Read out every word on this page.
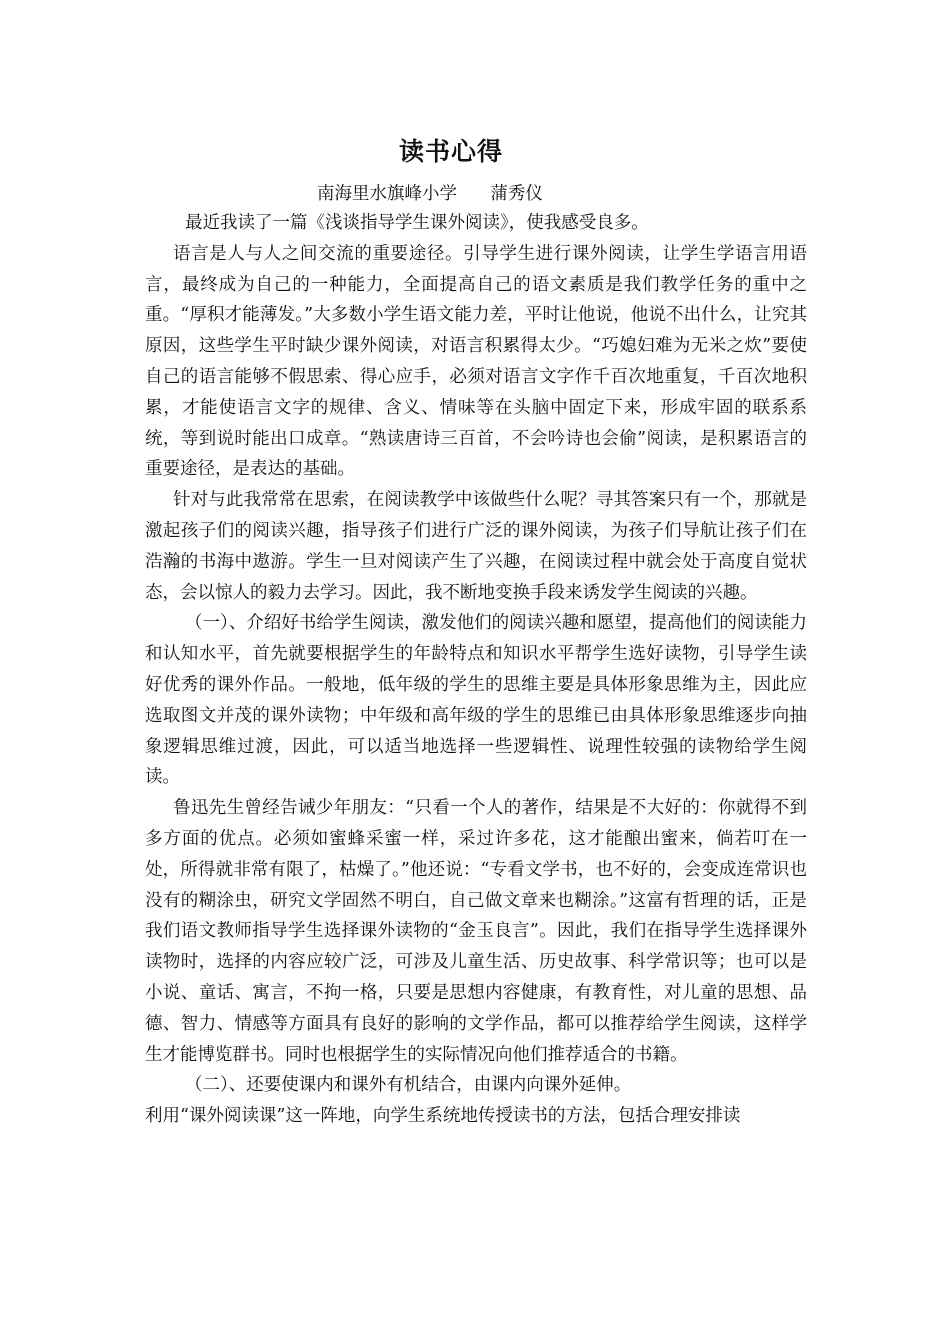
读书心得
南海里水旗峰小学      蒲秀仪

最近我读了一篇《浅谈指导学生课外阅读》，使我感受良多。

语言是人与人之间交流的重要途径。引导学生进行课外阅读，让学生学语言用语言，最终成为自己的一种能力，全面提高自己的语文素质是我们教学任务的重中之重。“厚积才能薄发。”大多数小学生语文能力差，平时让他说，他说不出什么，让究其原因，这些学生平时缺少课外阅读，对语言积累得太少。“巧媳妇难为无米之炊”要使自己的语言能够不假思索、得心应手，必须对语言文字作千百次地重复，千百次地积累，才能使语言文字的规律、含义、情味等在头脑中固定下来，形成牢固的联系系统，等到说时能出口成章。“熟读唐诗三百首，不会吟诗也会偷”阅读，是积累语言的重要途径，是表达的基础。

针对与此我常常在思索，在阅读教学中该做些什么呢？寻其答案只有一个，那就是激起孩子们的阅读兴趣，指导孩子们进行广泛的课外阅读，为孩子们导航让孩子们在浩瀚的书海中遨游。学生一旦对阅读产生了兴趣，在阅读过程中就会处于高度自觉状态，会以惊人的毅力去学习。因此，我不断地变换手段来诱发学生阅读的兴趣。

（一）、介绍好书给学生阅读，激发他们的阅读兴趣和愿望，提高他们的阅读能力和认知水平，首先就要根据学生的年龄特点和知识水平帮学生选好读物，引导学生读好优秀的课外作品。一般地，低年级的学生的思维主要是具体形象思维为主，因此应选取图文并茂的课外读物；中年级和高年级的学生的思维已由具体形象思维逐步向抽象逻辑思维过渡，因此，可以适当地选择一些逻辑性、说理性较强的读物给学生阅读。

鲁迅先生曾经告诫少年朋友：“只看一个人的著作，结果是不大好的：你就得不到多方面的优点。必须如蜜蜂采蜜一样，采过许多花，这才能酿出蜜来，倘若叮在一处，所得就非常有限了，枯燥了。”他还说：“专看文学书，也不好的，会变成连常识也没有的糊涂虫，研究文学固然不明白，自己做文章来也糊涂。”这富有哲理的话，正是我们语文教师指导学生选择课外读物的“金玉良言”。因此，我们在指导学生选择课外读物时，选择的内容应较广泛，可涉及儿童生活、历史故事、科学常识等；也可以是小说、童话、寓言，不拘一格，只要是思想内容健康，有教育性，对儿童的思想、品德、智力、情感等方面具有良好的影响的文学作品，都可以推荐给学生阅读，这样学生才能博览群书。同时也根据学生的实际情况向他们推荐适合的书籍。

（二）、还要使课内和课外有机结合，由课内向课外延伸。

利用“课外阅读课”这一阵地，向学生系统地传授读书的方法，包括合理安排读
